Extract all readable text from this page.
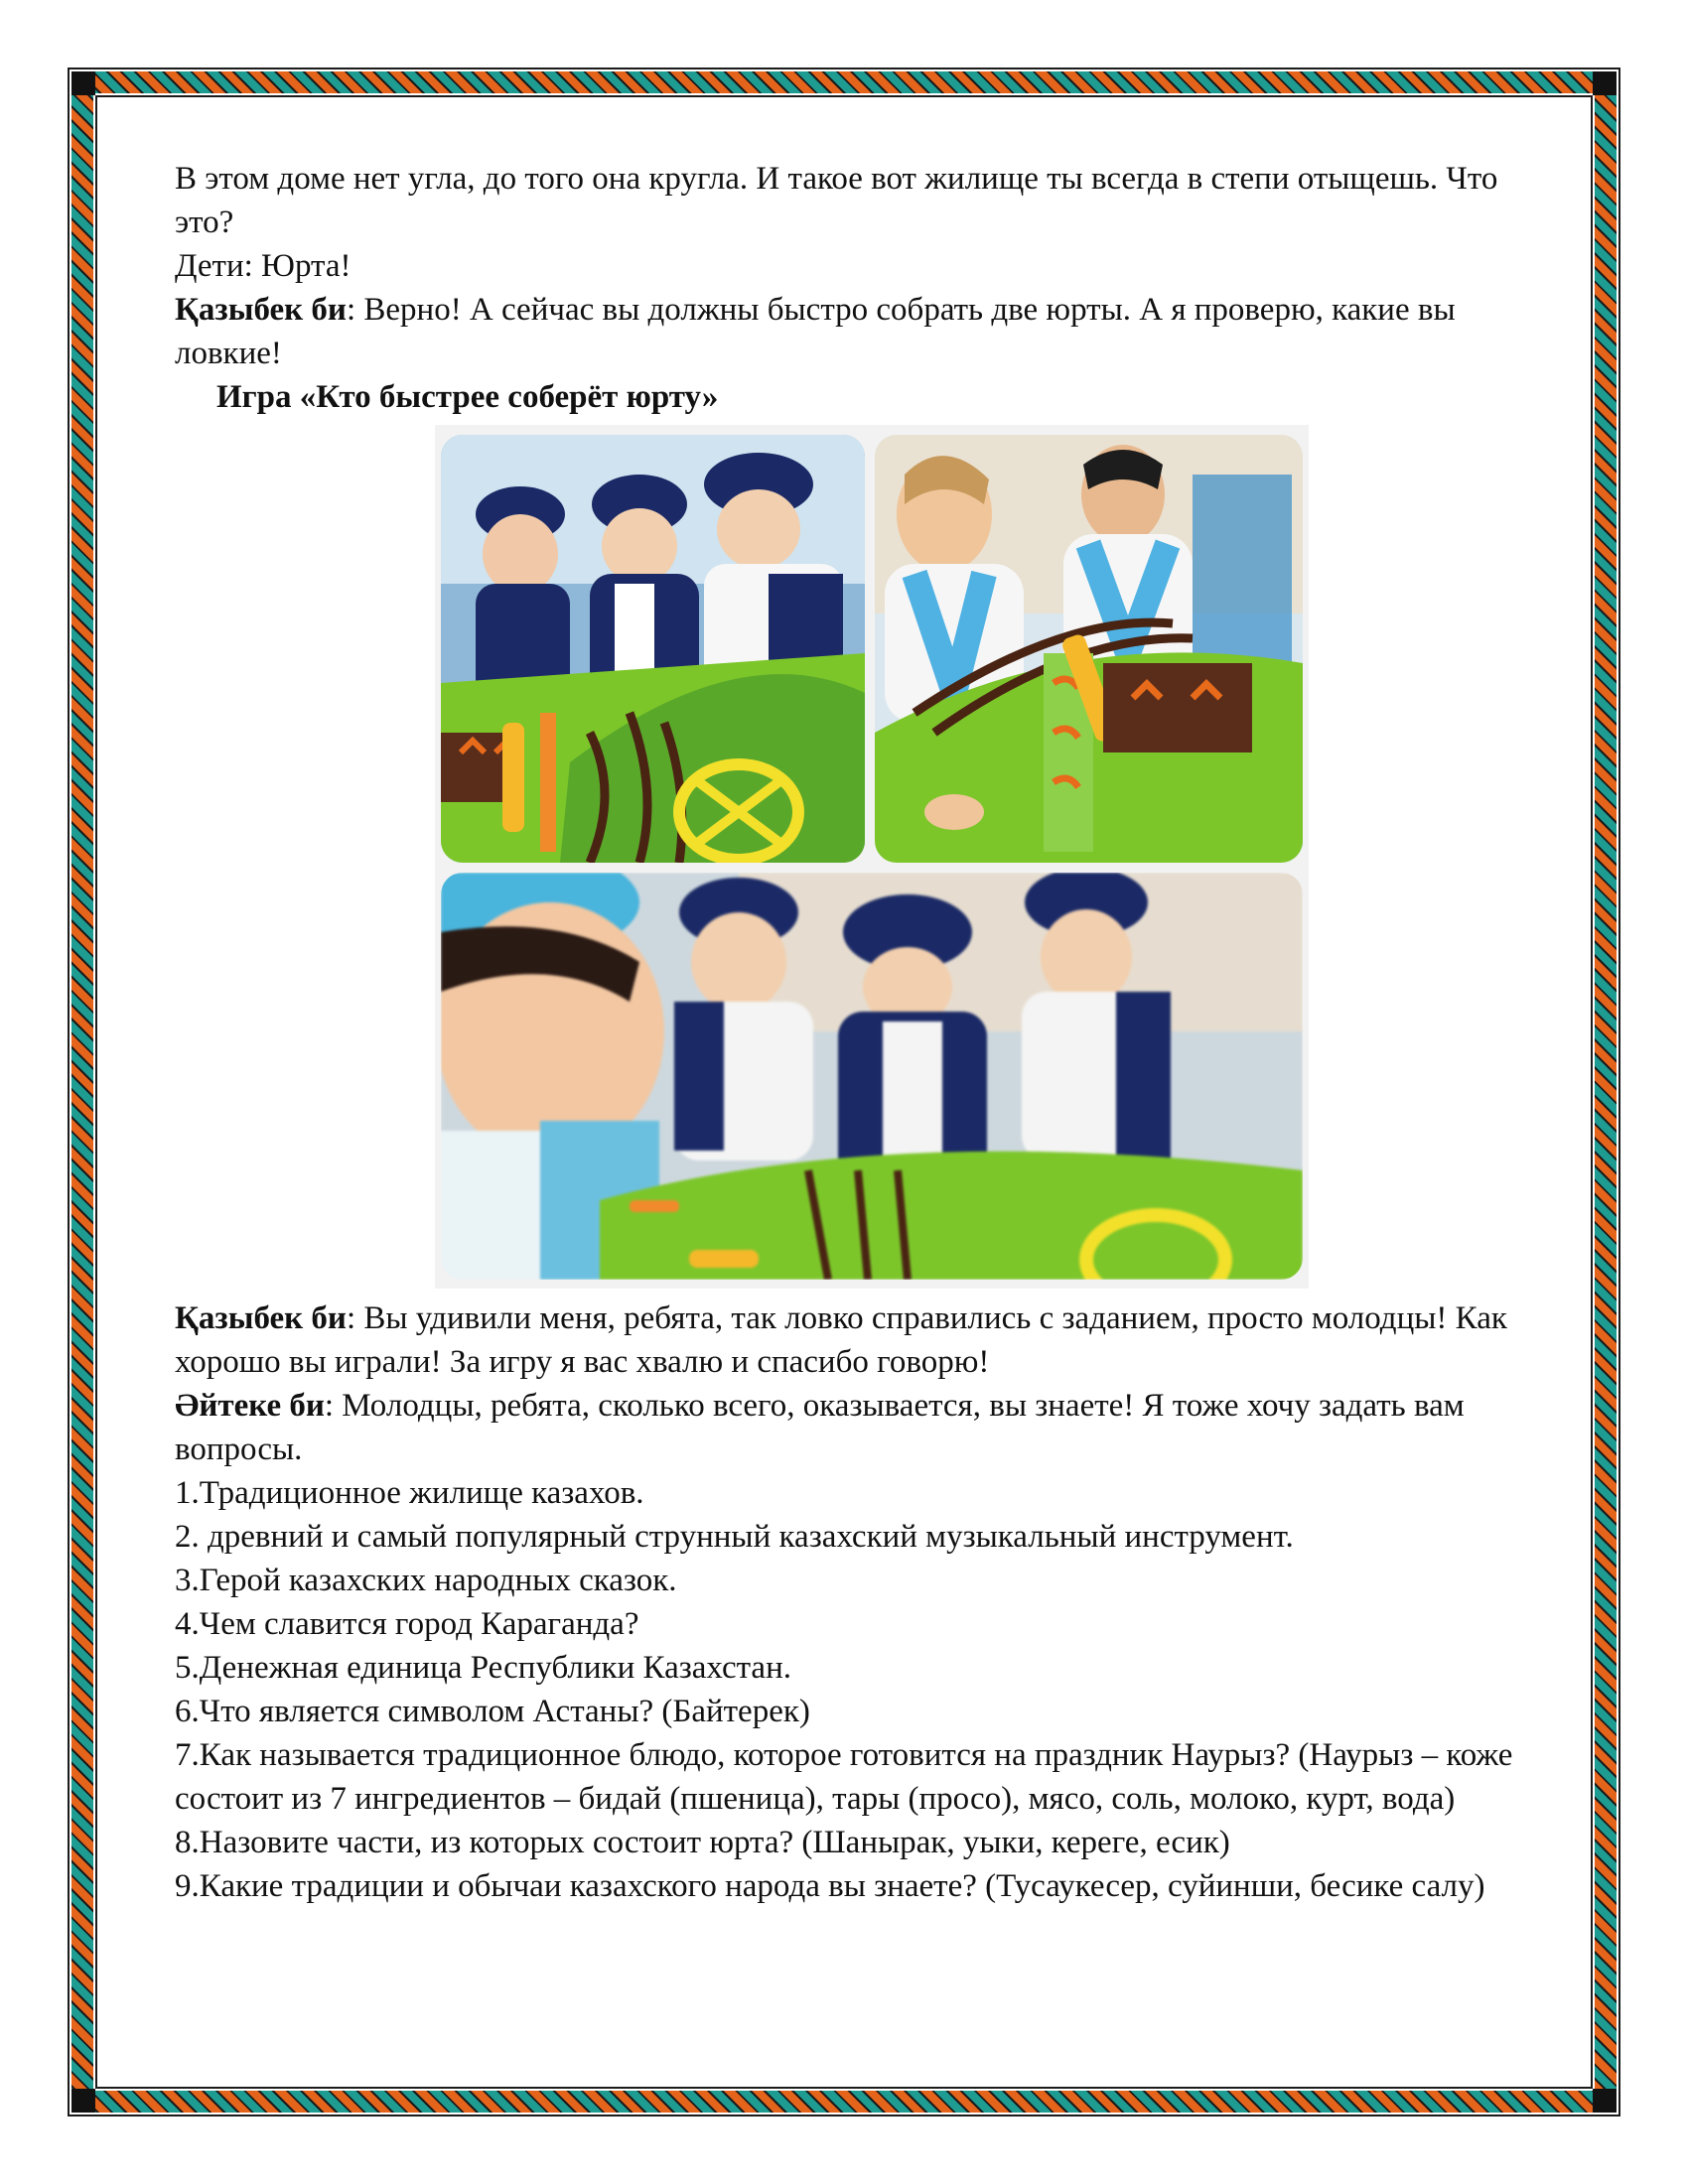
В этом доме нет угла, до того она кругла. И такое вот жилище ты всегда в степи отыщешь. Что это?

Дети: Юрта!

Қазыбек би: Верно! А сейчас вы должны быстро собрать две юрты. А я проверю, какие вы ловкие!

Игра «Кто быстрее соберёт юрту»

Қазыбек би: Вы удивили меня, ребята, так ловко справились с заданием, просто молодцы! Как хорошо вы играли! За игру я вас хвалю и спасибо говорю!

Әйтеке би: Молодцы, ребята, сколько всего, оказывается, вы знаете! Я тоже хочу задать вам вопросы.

1.Традиционное жилище казахов.

2. древний и самый популярный струнный казахский музыкальный инструмент.

3.Герой казахских народных сказок.

4.Чем славится город Караганда?

5.Денежная единица Республики Казахстан.

6.Что является символом Астаны? (Байтерек)

7.Как называется традиционное блюдо, которое готовится на праздник Наурыз? (Наурыз – коже состоит из 7 ингредиентов – бидай (пшеница), тары (просо), мясо, соль, молоко, курт, вода)

8.Назовите части, из которых состоит юрта? (Шанырак, уыки, кереге, есик)

9.Какие традиции и обычаи казахского народа вы знаете? (Тусаукесер, суйинши, бесике салу)
